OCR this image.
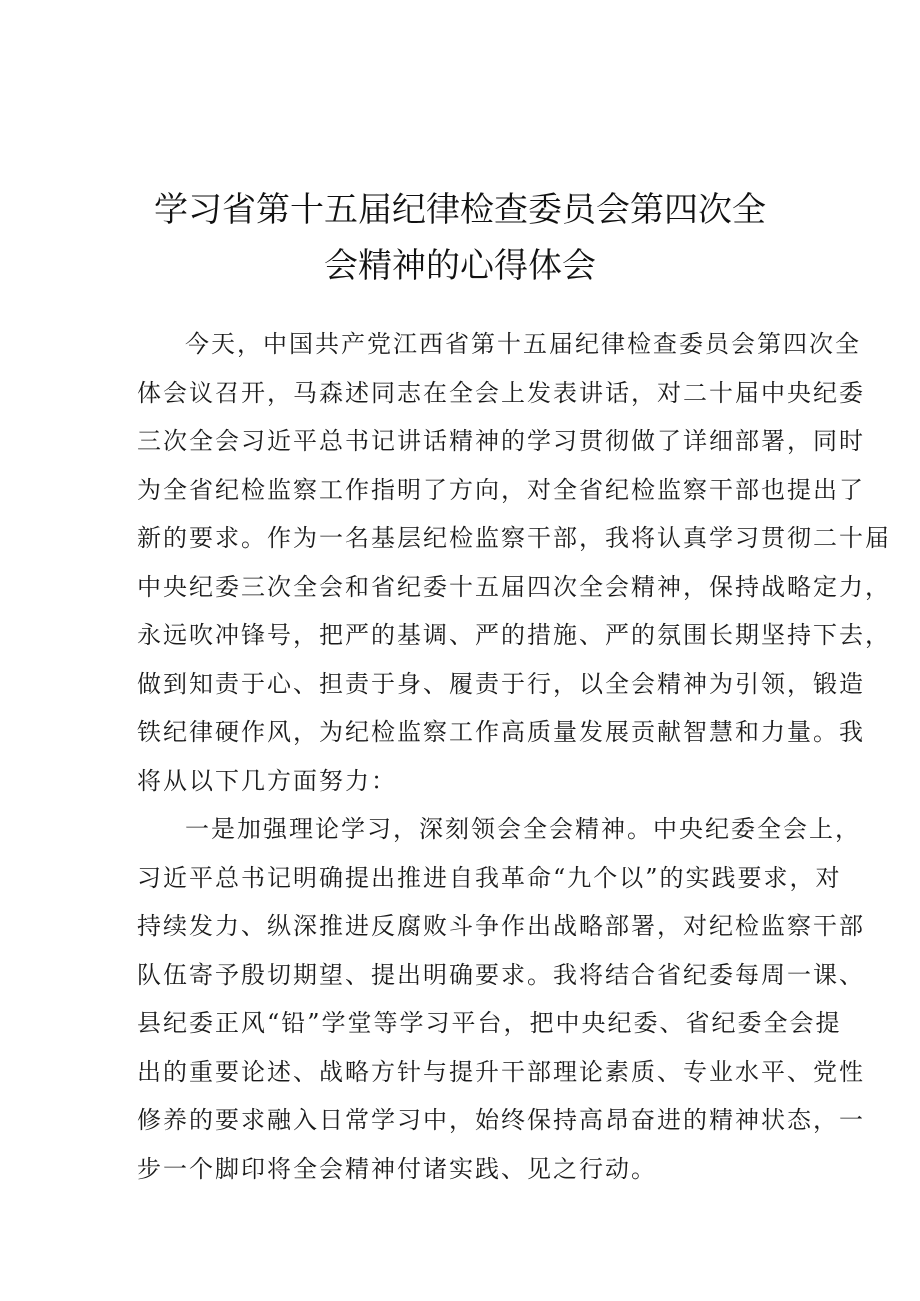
学习省第十五届纪律检查委员会第四次全
会精神的心得体会

今天，中国共产党江西省第十五届纪律检查委员会第四次全
体会议召开，马森述同志在全会上发表讲话，对二十届中央纪委
三次全会习近平总书记讲话精神的学习贯彻做了详细部署，同时
为全省纪检监察工作指明了方向，对全省纪检监察干部也提出了
新的要求。作为一名基层纪检监察干部，我将认真学习贯彻二十届
中央纪委三次全会和省纪委十五届四次全会精神，保持战略定力，
永远吹冲锋号，把严的基调、严的措施、严的氛围长期坚持下去，
做到知责于心、担责于身、履责于行，以全会精神为引领，锻造
铁纪律硬作风，为纪检监察工作高质量发展贡献智慧和力量。我
将从以下几方面努力：

一是加强理论学习，深刻领会全会精神。中央纪委全会上，
习近平总书记明确提出推进自我革命“九个以”的实践要求，对
持续发力、纵深推进反腐败斗争作出战略部署，对纪检监察干部
队伍寄予殷切期望、提出明确要求。我将结合省纪委每周一课、
县纪委正风“铅”学堂等学习平台，把中央纪委、省纪委全会提
出的重要论述、战略方针与提升干部理论素质、专业水平、党性
修养的要求融入日常学习中，始终保持高昂奋进的精神状态，一
步一个脚印将全会精神付诸实践、见之行动。
